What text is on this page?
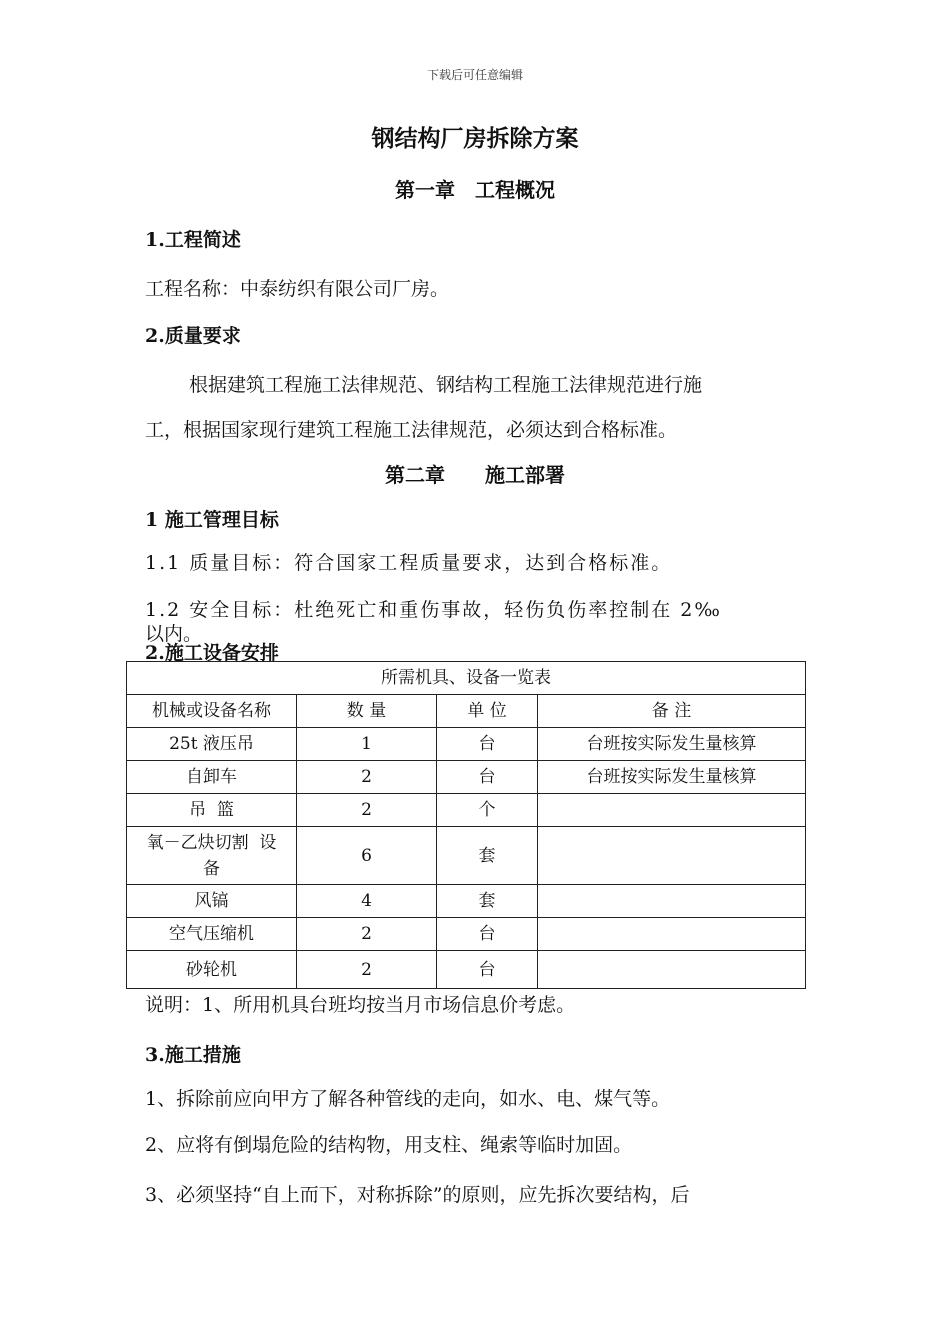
下载后可任意编辑
钢结构厂房拆除方案
第一章　工程概况
1.工程简述
工程名称：中泰纺织有限公司厂房。
2.质量要求
根据建筑工程施工法律规范、钢结构工程施工法律规范进行施
工，根据国家现行建筑工程施工法律规范，必须达到合格标准。
第二章　　施工部署
1 施工管理目标
1.1 质量目标：符合国家工程质量要求，达到合格标准。
1.2 安全目标：杜绝死亡和重伤事故，轻伤负伤率控制在 2‰
以内。
2.施工设备安排
所需机具、设备一览表			
机械或设备名称	数 量	单 位	备 注
25t 液压吊	1	台	台班按实际发生量核算
自卸车	2	台	台班按实际发生量核算
吊  篮	2	个	

氧－乙炔切割  设
备	6	套	
风镐	4	套	
空气压缩机	2	台	
砂轮机	2	台	
说明：1、所用机具台班均按当月市场信息价考虑。
3.施工措施
1、拆除前应向甲方了解各种管线的走向，如水、电、煤气等。
2、应将有倒塌危险的结构物，用支柱、绳索等临时加固。
3、必须坚持“自上而下，对称拆除”的原则，应先拆次要结构，后
